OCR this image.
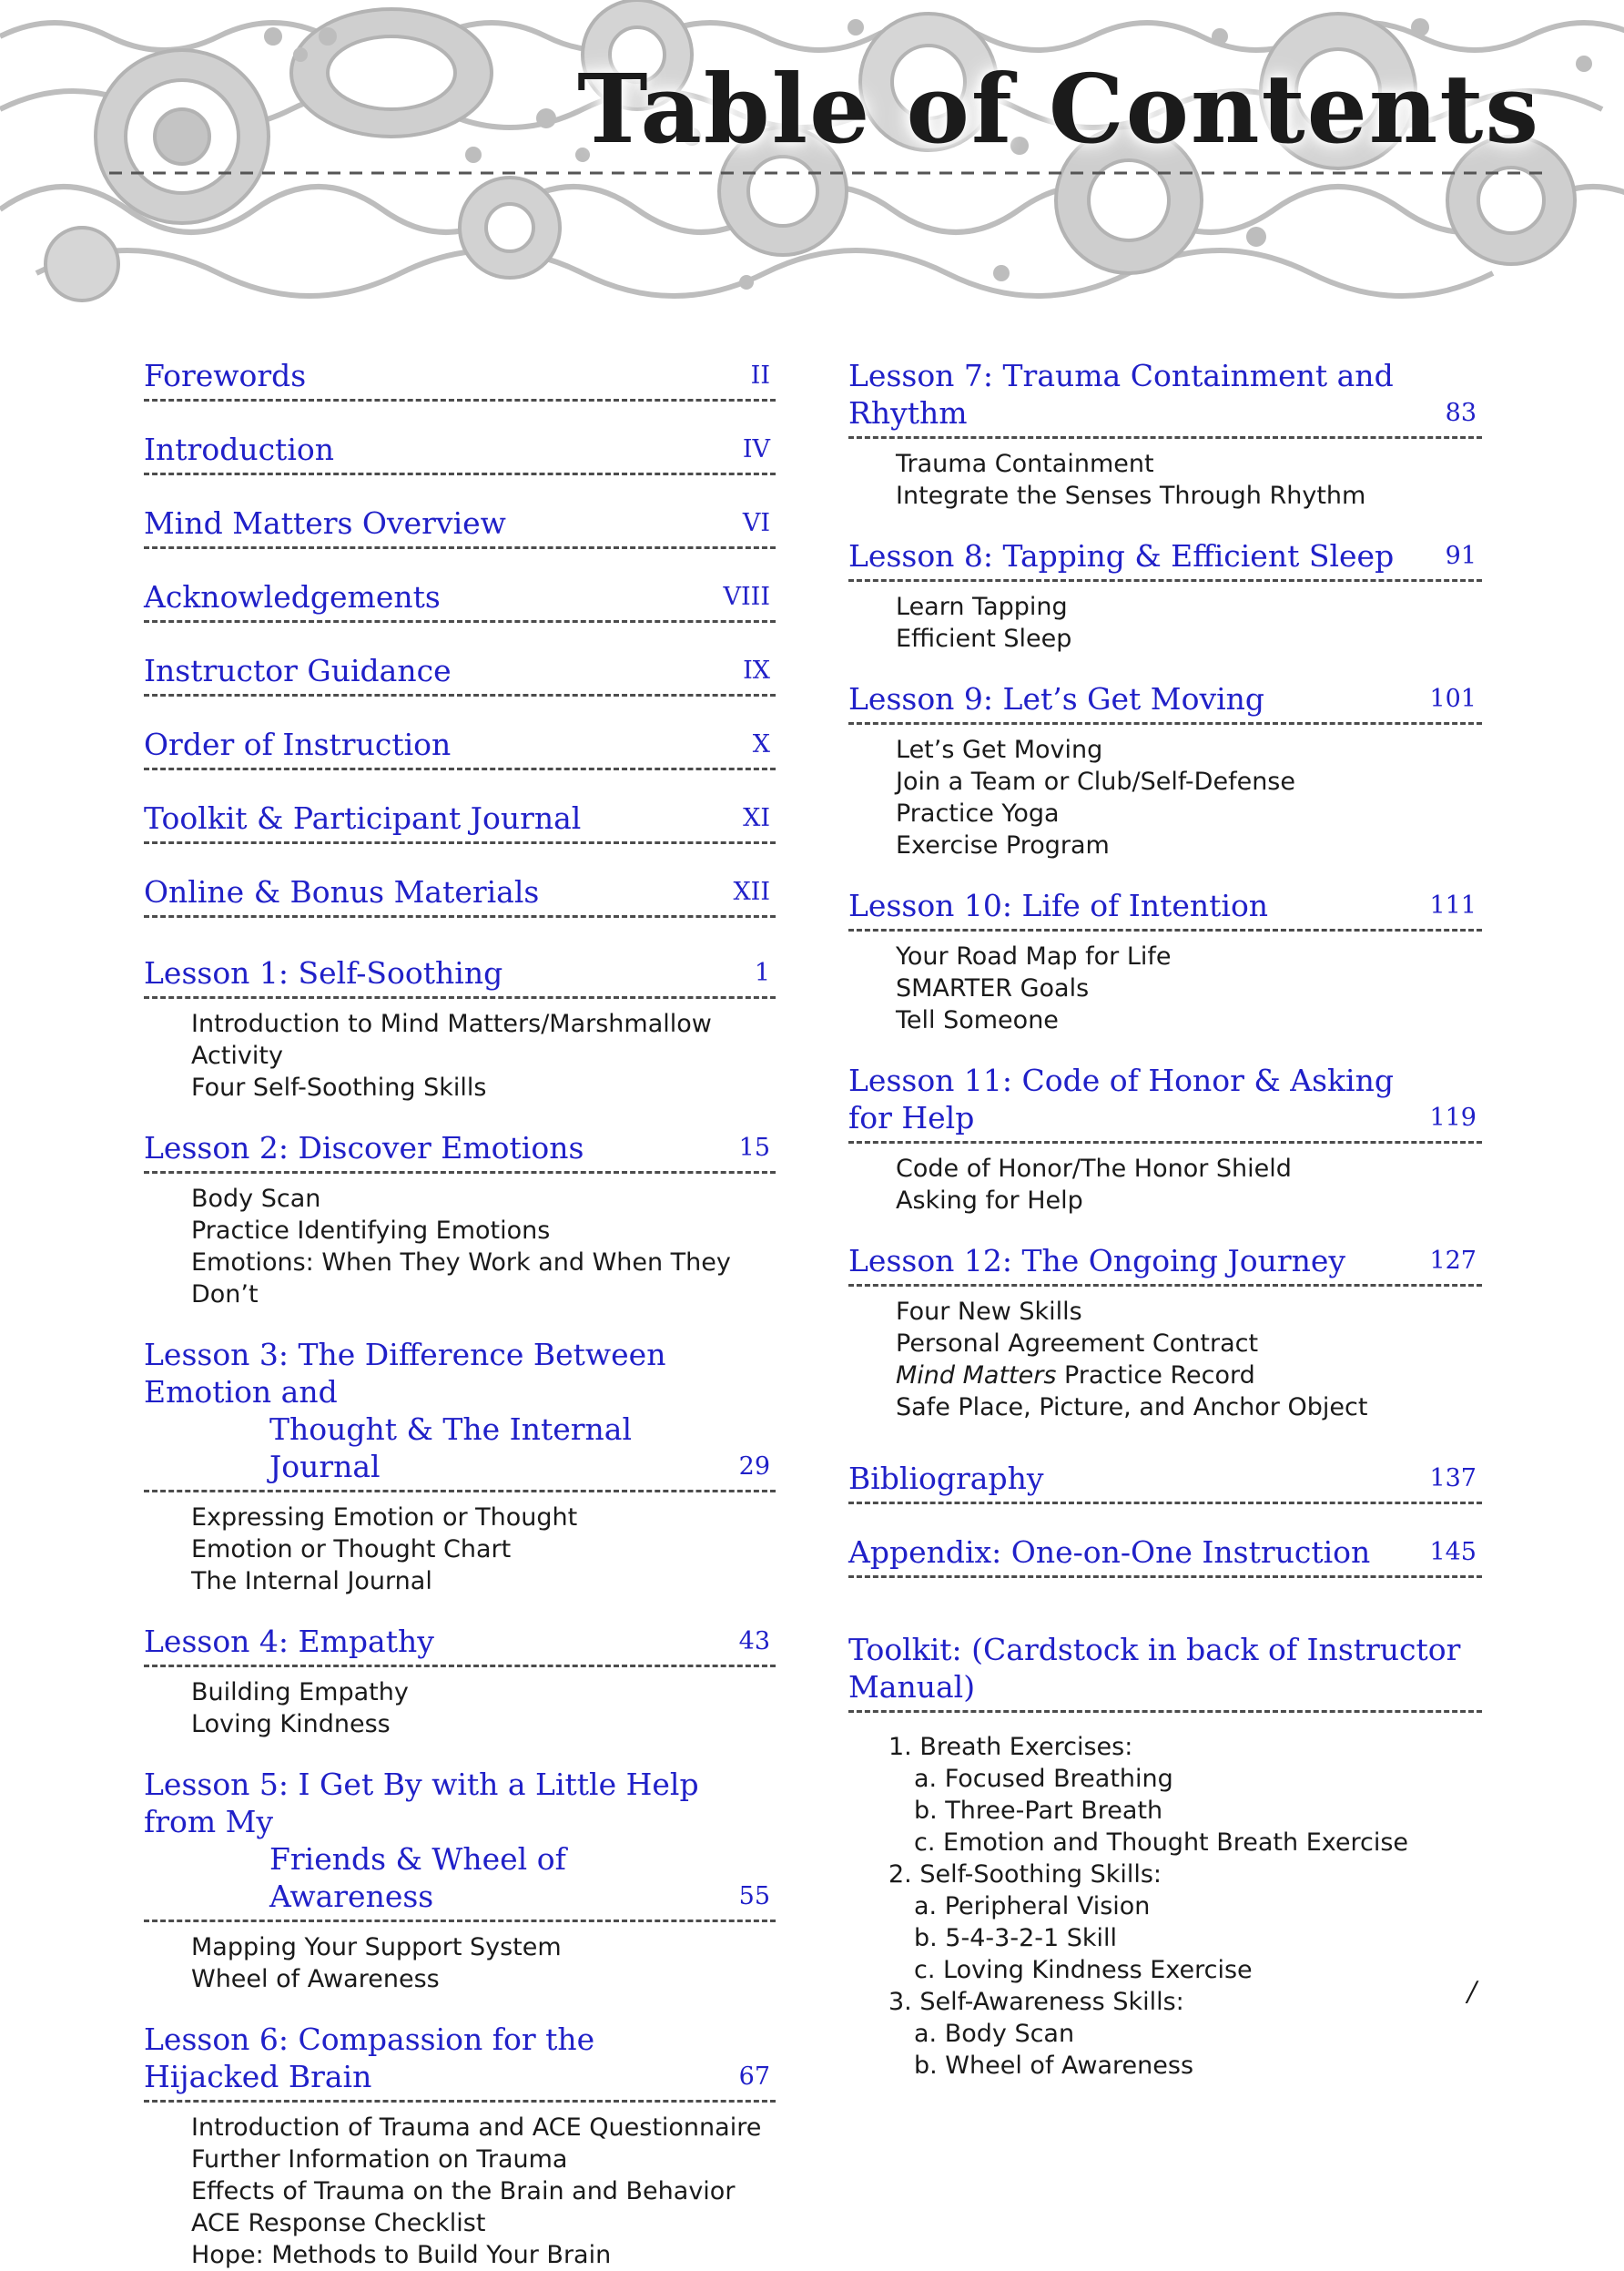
Table of Contents
Forewords	II
Introduction	IV
Mind Matters Overview	VI
Acknowledgements	VIII
Instructor Guidance	IX
Order of Instruction	X
Toolkit & Participant Journal	XI
Online & Bonus Materials	XII
Lesson 1: Self-Soothing	1
Introduction to Mind Matters/Marshmallow Activity
Four Self-Soothing Skills
Lesson 2: Discover Emotions	15
Body Scan
Practice Identifying Emotions
Emotions: When They Work and When They Don’t
Lesson 3: The Difference Between Emotion and
Thought & The Internal Journal	29
Expressing Emotion or Thought
Emotion or Thought Chart
The Internal Journal
Lesson 4: Empathy	43
Building Empathy
Loving Kindness
Lesson 5: I Get By with a Little Help from My
Friends & Wheel of Awareness	55
Mapping Your Support System
Wheel of Awareness
Lesson 6: Compassion for the Hijacked Brain	67
Introduction of Trauma and ACE Questionnaire
Further Information on Trauma
Effects of Trauma on the Brain and Behavior
ACE Response Checklist
Hope: Methods to Build Your Brain
Lesson 7: Trauma Containment and Rhythm	83
Trauma Containment
Integrate the Senses Through Rhythm
Lesson 8: Tapping & Efficient Sleep 91
Learn Tapping
Efficient Sleep
Lesson 9: Let’s Get Moving	101
Let’s Get Moving
Join a Team or Club/Self-Defense
Practice Yoga
Exercise Program
Lesson 10: Life of Intention	111
Your Road Map for Life
SMARTER Goals
Tell Someone
Lesson 11: Code of Honor & Asking for Help	119
Code of Honor/The Honor Shield
Asking for Help
Lesson 12: The Ongoing Journey	127
Four New Skills
Personal Agreement Contract
Mind Matters Practice Record
Safe Place, Picture, and Anchor Object
Bibliography	137
Appendix: One-on-One Instruction 145
Toolkit: (Cardstock in back of Instructor Manual)
1. Breath Exercises:
a. Focused Breathing
b. Three-Part Breath
c. Emotion and Thought Breath Exercise
2. Self-Soothing Skills:
a. Peripheral Vision
b. 5-4-3-2-1 Skill
c. Loving Kindness Exercise
3. Self-Awareness Skills:
a. Body Scan
b. Wheel of Awareness
/
